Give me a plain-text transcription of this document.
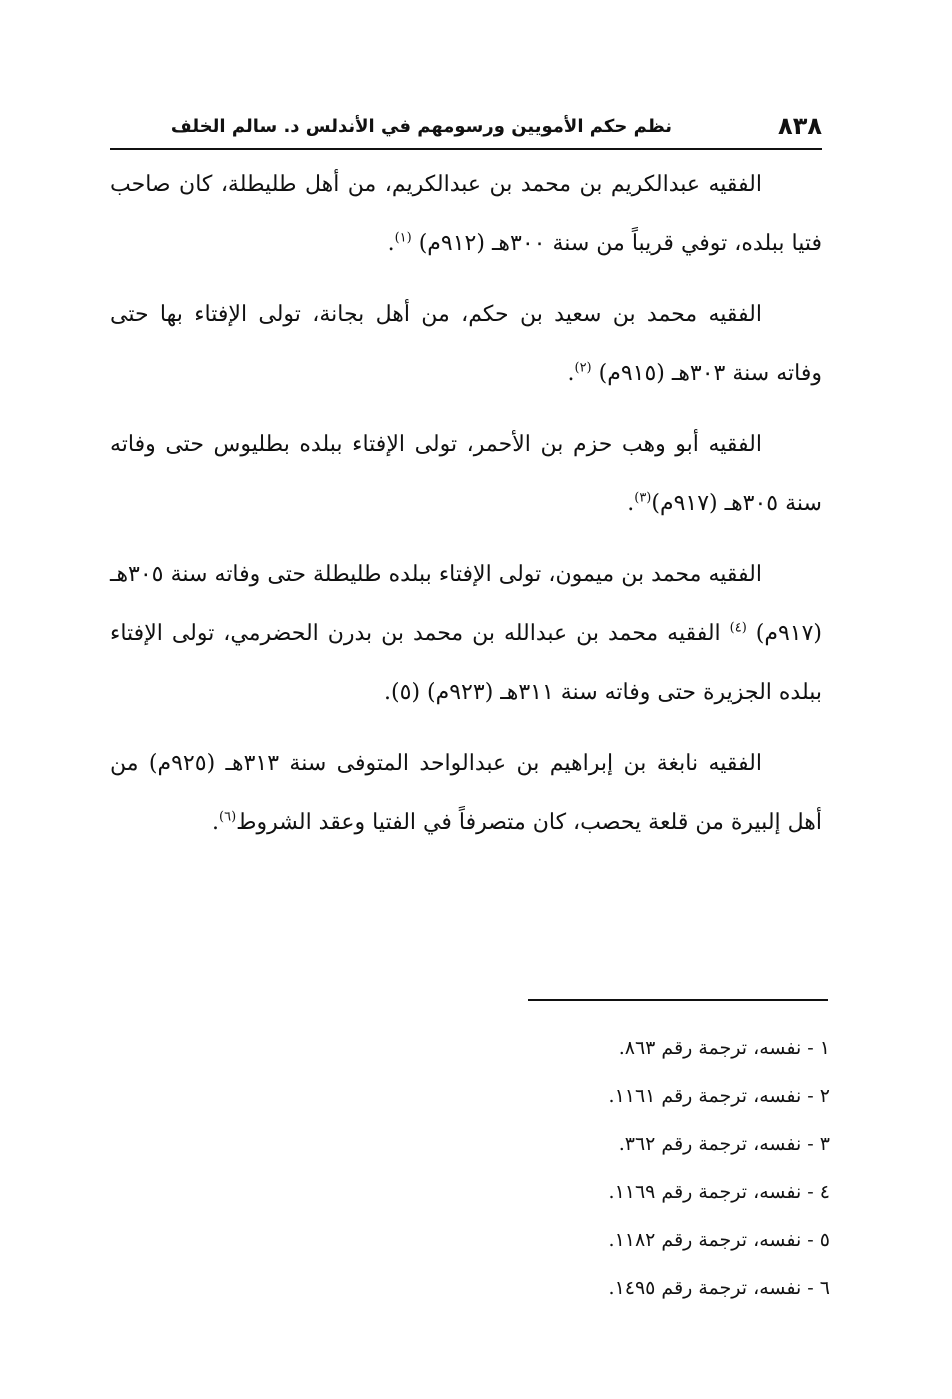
٨٣٨
نظم حكم الأمويين ورسومهم في الأندلس د. سالم الخلف

الفقيه عبدالكريم بن محمد بن عبدالكريم، من أهل طليطلة، كان صاحب فتيا ببلده، توفي قريباً من سنة ٣٠٠هـ (٩١٢م) $^{(١)}$.

الفقيه محمد بن سعيد بن حكم، من أهل بجانة، تولى الإفتاء بها حتى وفاته سنة ٣٠٣هـ (٩١٥م) $^{(٢)}$.

الفقيه أبو وهب حزم بن الأحمر، تولى الإفتاء ببلده بطليوس حتى وفاته سنة ٣٠٥هـ (٩١٧م)$^{(٣)}$.

الفقيه محمد بن ميمون، تولى الإفتاء ببلده طليطلة حتى وفاته سنة ٣٠٥هـ (٩١٧م) $^{(٤)}$ الفقيه محمد بن عبدالله بن محمد بن بدرن الحضرمي، تولى الإفتاء ببلده الجزيرة حتى وفاته سنة ٣١١هـ (٩٢٣م) (٥).

الفقيه نابغة بن إبراهيم بن عبدالواحد المتوفى سنة ٣١٣هـ (٩٢٥م) من أهل إلبيرة من قلعة يحصب، كان متصرفاً في الفتيا وعقد الشروط$^{(٦)}$.

١ - نفسه، ترجمة رقم ٨٦٣.
٢ - نفسه، ترجمة رقم ١١٦١.
٣ - نفسه، ترجمة رقم ٣٦٢.
٤ - نفسه، ترجمة رقم ١١٦٩.
٥ - نفسه، ترجمة رقم ١١٨٢.
٦ - نفسه، ترجمة رقم ١٤٩٥.
